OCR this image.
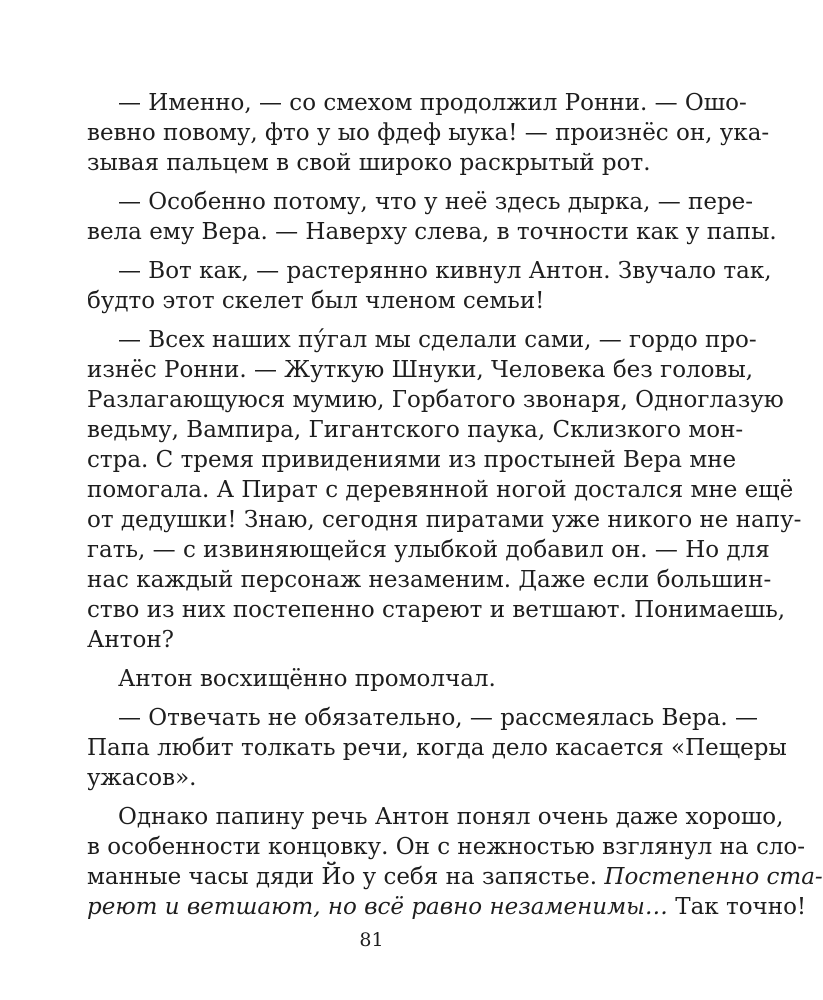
— Именно, — со смехом продолжил Ронни. — Ошо-
вевно повому, фто у ыо фдеф ыука! — произнёс он, ука-
зывая пальцем в свой широко раскрытый рот.
— Особенно потому, что у неё здесь дырка, — пере-
вела ему Вера. — Наверху слева, в точности как у папы.
— Вот как, — растерянно кивнул Антон. Звучало так,
будто этот скелет был членом семьи!
— Всех наших пу́гал мы сделали сами, — гордо про-
изнёс Ронни. — Жуткую Шнуки, Человека без головы,
Разлагающуюся мумию, Горбатого звонаря, Одноглазую
ведьму, Вампира, Гигантского паука, Склизкого мон-
стра. С тремя привидениями из простыней Вера мне
помогала. А Пират с деревянной ногой достался мне ещё
от дедушки! Знаю, сегодня пиратами уже никого не напу-
гать, — с извиняющейся улыбкой добавил он. — Но для
нас каждый персонаж незаменим. Даже если большин-
ство из них постепенно стареют и ветшают. Понимаешь,
Антон?
Антон восхищённо промолчал.
— Отвечать не обязательно, — рассмеялась Вера. —
Папа любит толкать речи, когда дело касается «Пещеры
ужасов».
Однако папину речь Антон понял очень даже хорошо,
в особенности концовку. Он с нежностью взглянул на сло-
манные часы дяди Йо у себя на запястье. Постепенно ста-
реют и ветшают, но всё равно незаменимы… Так точно!
81
